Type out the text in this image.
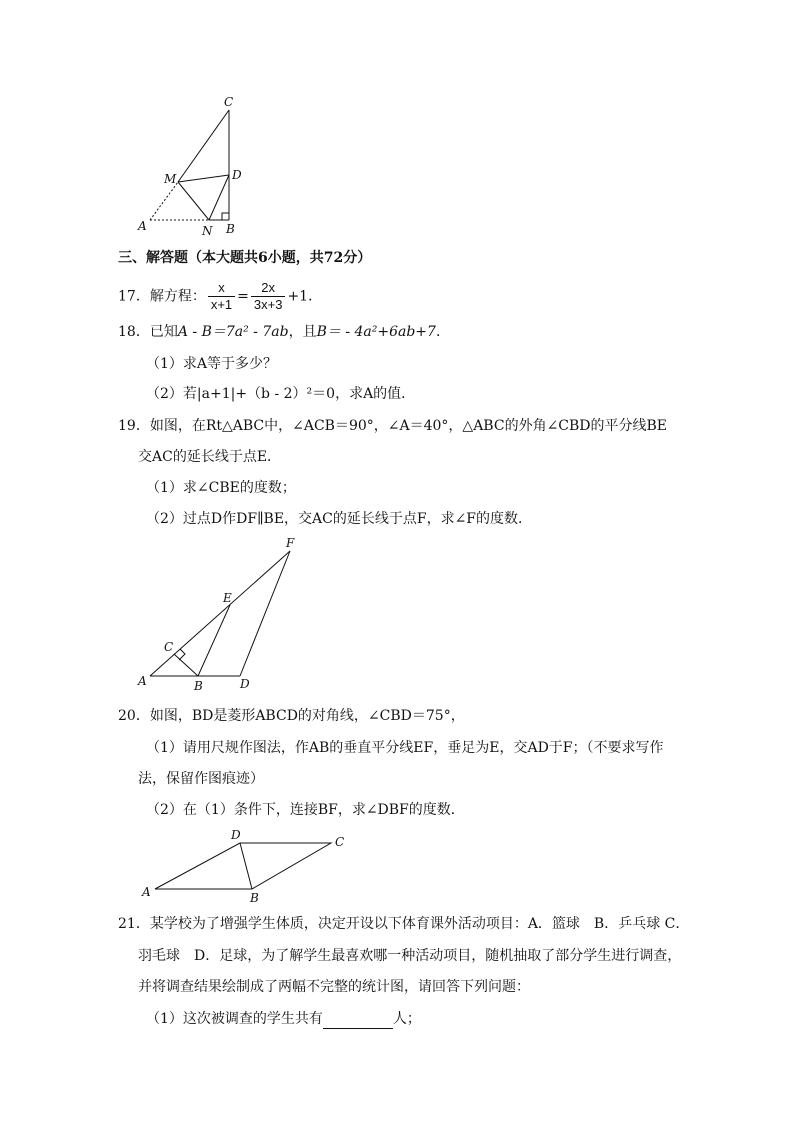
C
M	D
A	N B
三、解答题（本大题共6小题，共72分）
17．解方程： $\frac{x}{x+1} = \frac{2x}{3x+3} +1$．
18．已知A - B＝7a² - 7ab，且B＝ - 4a²+6ab+7．
（1）求A等于多少？
（2）若|a+1|+（b - 2）²＝0，求A的值．
19．如图，在Rt△ABC中，∠ACB＝90°，∠A＝40°，△ABC的外角∠CBD的平分线BE
交AC的延长线于点E．
（1）求∠CBE的度数；
（2）过点D作DF∥BE，交AC的延长线于点F，求∠F的度数．
F
E
C
A	B	D
20．如图，BD是菱形ABCD的对角线，∠CBD＝75°，
（1）请用尺规作图法，作AB的垂直平分线EF，垂足为E，交AD于F；（不要求写作
法，保留作图痕迹）
（2）在（1）条件下，连接BF，求∠DBF的度数．
D	C
A	B
21．某学校为了增强学生体质，决定开设以下体育课外活动项目：A．篮球　B．乒乓球 C．
羽毛球　D．足球，为了解学生最喜欢哪一种活动项目，随机抽取了部分学生进行调查，
并将调查结果绘制成了两幅不完整的统计图，请回答下列问题：
（1）这次被调查的学生共有	人；
